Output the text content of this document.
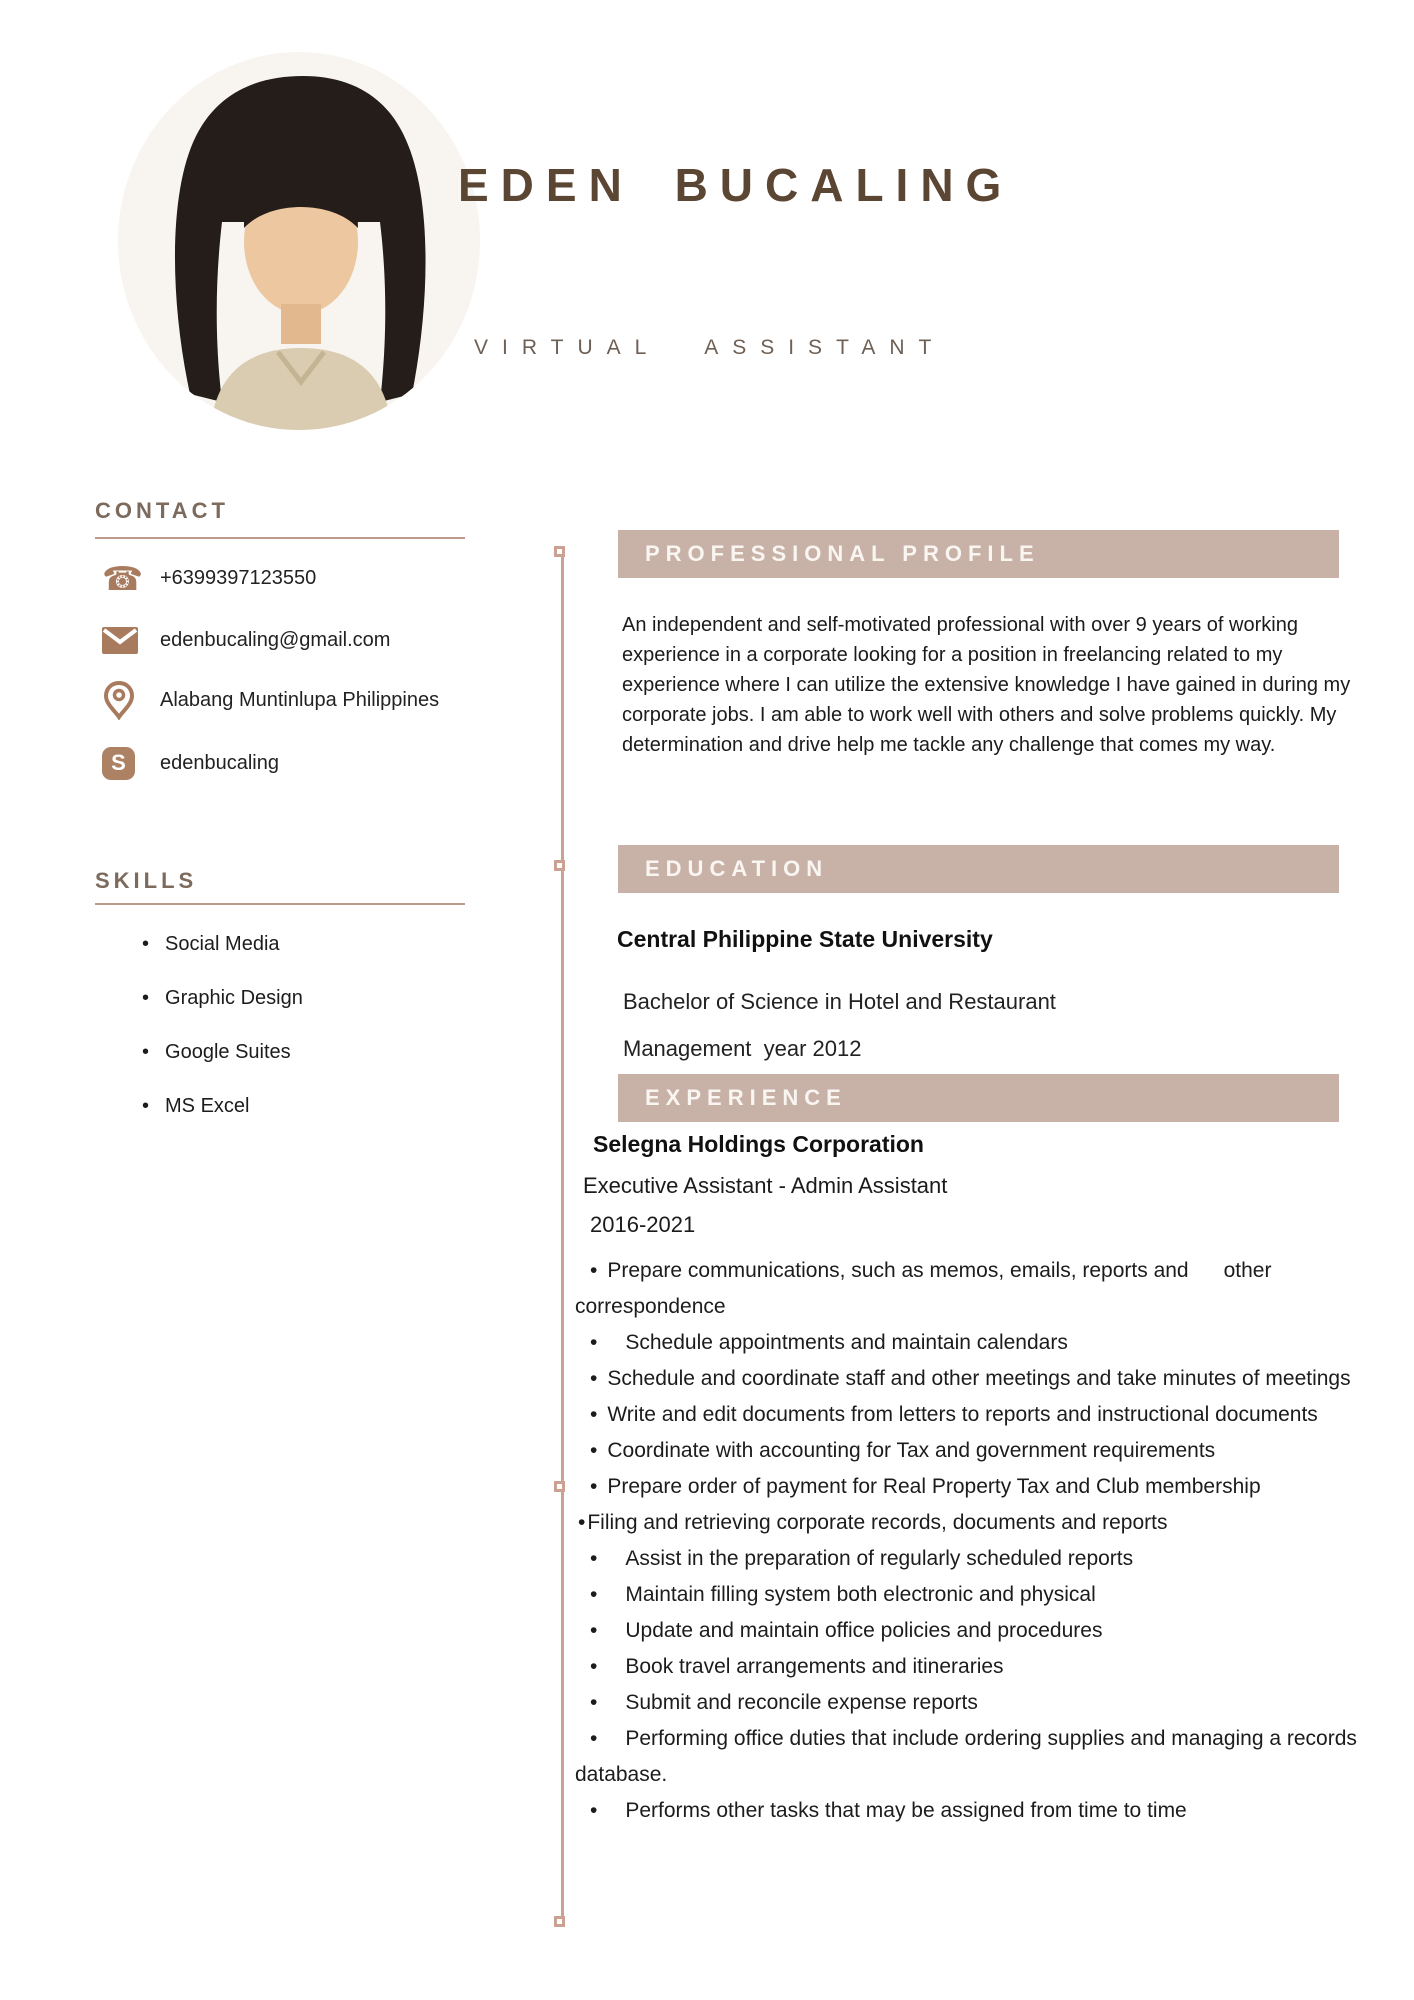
EDEN BUCALING
VIRTUAL ASSISTANT
CONTACT
☎ +6399397123550
edenbucaling@gmail.com
Alabang Muntinlupa Philippines
S	edenbucaling
SKILLS
• Social Media
• Graphic Design
• Google Suites
• MS Excel
PROFESSIONAL PROFILE
An independent and self-motivated professional with over 9 years of working experience in a corporate looking for a position in freelancing related to my experience where I can utilize the extensive knowledge I have gained in during my corporate jobs. I am able to work well with others and solve problems quickly. My determination and drive help me tackle any challenge that comes my way.
EDUCATION
Central Philippine State University
Bachelor of Science in Hotel and Restaurant Management  year 2012
EXPERIENCE
Selegna Holdings Corporation
Executive Assistant - Admin Assistant
2016-2021
• Prepare communications, such as memos, emails, reports and      other correspondence
• Schedule appointments and maintain calendars
• Schedule and coordinate staff and other meetings and take minutes of meetings
• Write and edit documents from letters to reports and instructional documents
• Coordinate with accounting for Tax and government requirements
• Prepare order of payment for Real Property Tax and Club membership
•Filing and retrieving corporate records, documents and reports
• Assist in the preparation of regularly scheduled reports
• Maintain filling system both electronic and physical
• Update and maintain office policies and procedures
• Book travel arrangements and itineraries
• Submit and reconcile expense reports
• Performing office duties that include ordering supplies and managing a records database.
• Performs other tasks that may be assigned from time to time
